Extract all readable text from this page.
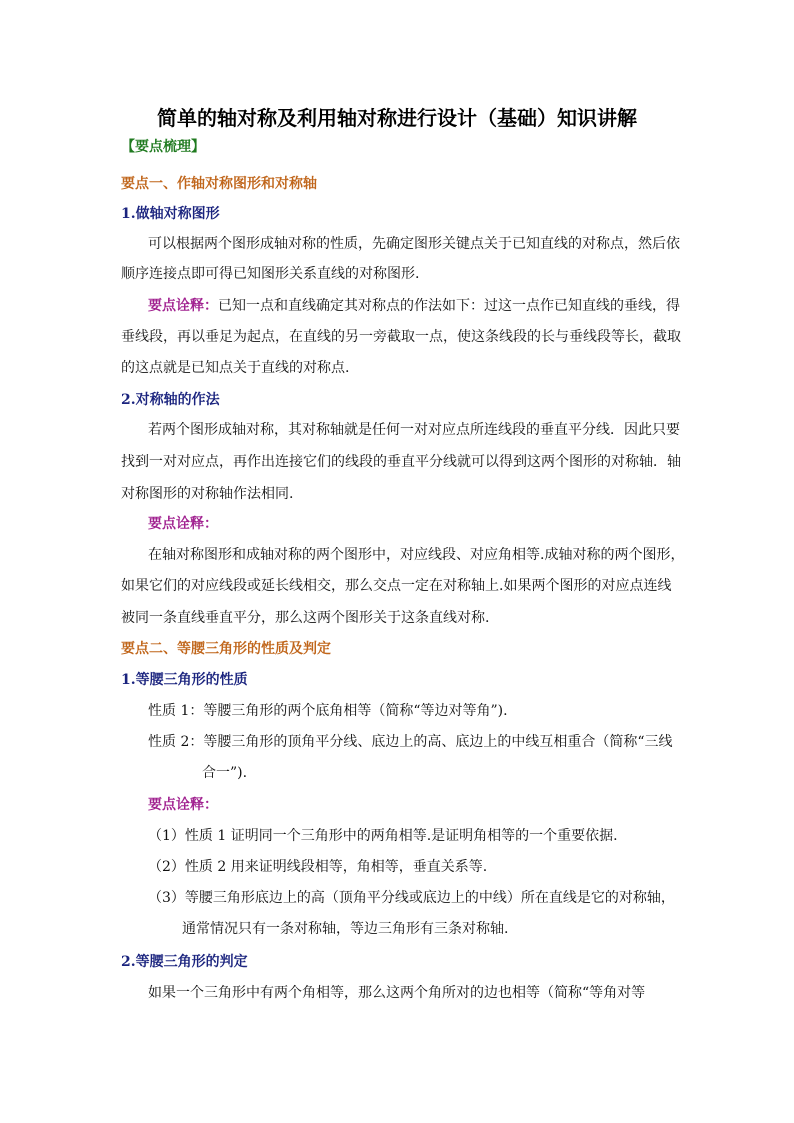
简单的轴对称及利用轴对称进行设计（基础）知识讲解
【要点梳理】
要点一、作轴对称图形和对称轴
1.做轴对称图形
可以根据两个图形成轴对称的性质，先确定图形关键点关于已知直线的对称点，然后依
顺序连接点即可得已知图形关系直线的对称图形.
要点诠释：已知一点和直线确定其对称点的作法如下：过这一点作已知直线的垂线，得
垂线段，再以垂足为起点，在直线的另一旁截取一点，使这条线段的长与垂线段等长，截取
的这点就是已知点关于直线的对称点.
2.对称轴的作法
若两个图形成轴对称，其对称轴就是任何一对对应点所连线段的垂直平分线．因此只要
找到一对对应点，再作出连接它们的线段的垂直平分线就可以得到这两个图形的对称轴．轴
对称图形的对称轴作法相同.
要点诠释：
在轴对称图形和成轴对称的两个图形中，对应线段、对应角相等.成轴对称的两个图形，
如果它们的对应线段或延长线相交，那么交点一定在对称轴上.如果两个图形的对应点连线
被同一条直线垂直平分，那么这两个图形关于这条直线对称.
要点二、等腰三角形的性质及判定
1.等腰三角形的性质
性质 1：等腰三角形的两个底角相等（简称“等边对等角”).
性质 2：等腰三角形的顶角平分线、底边上的高、底边上的中线互相重合（简称“三线
合一”).
要点诠释：
（1）性质 1 证明同一个三角形中的两角相等.是证明角相等的一个重要依据.
（2）性质 2 用来证明线段相等，角相等，垂直关系等.
（3）等腰三角形底边上的高（顶角平分线或底边上的中线）所在直线是它的对称轴，
通常情况只有一条对称轴，等边三角形有三条对称轴.
2.等腰三角形的判定
如果一个三角形中有两个角相等，那么这两个角所对的边也相等（简称“等角对等
